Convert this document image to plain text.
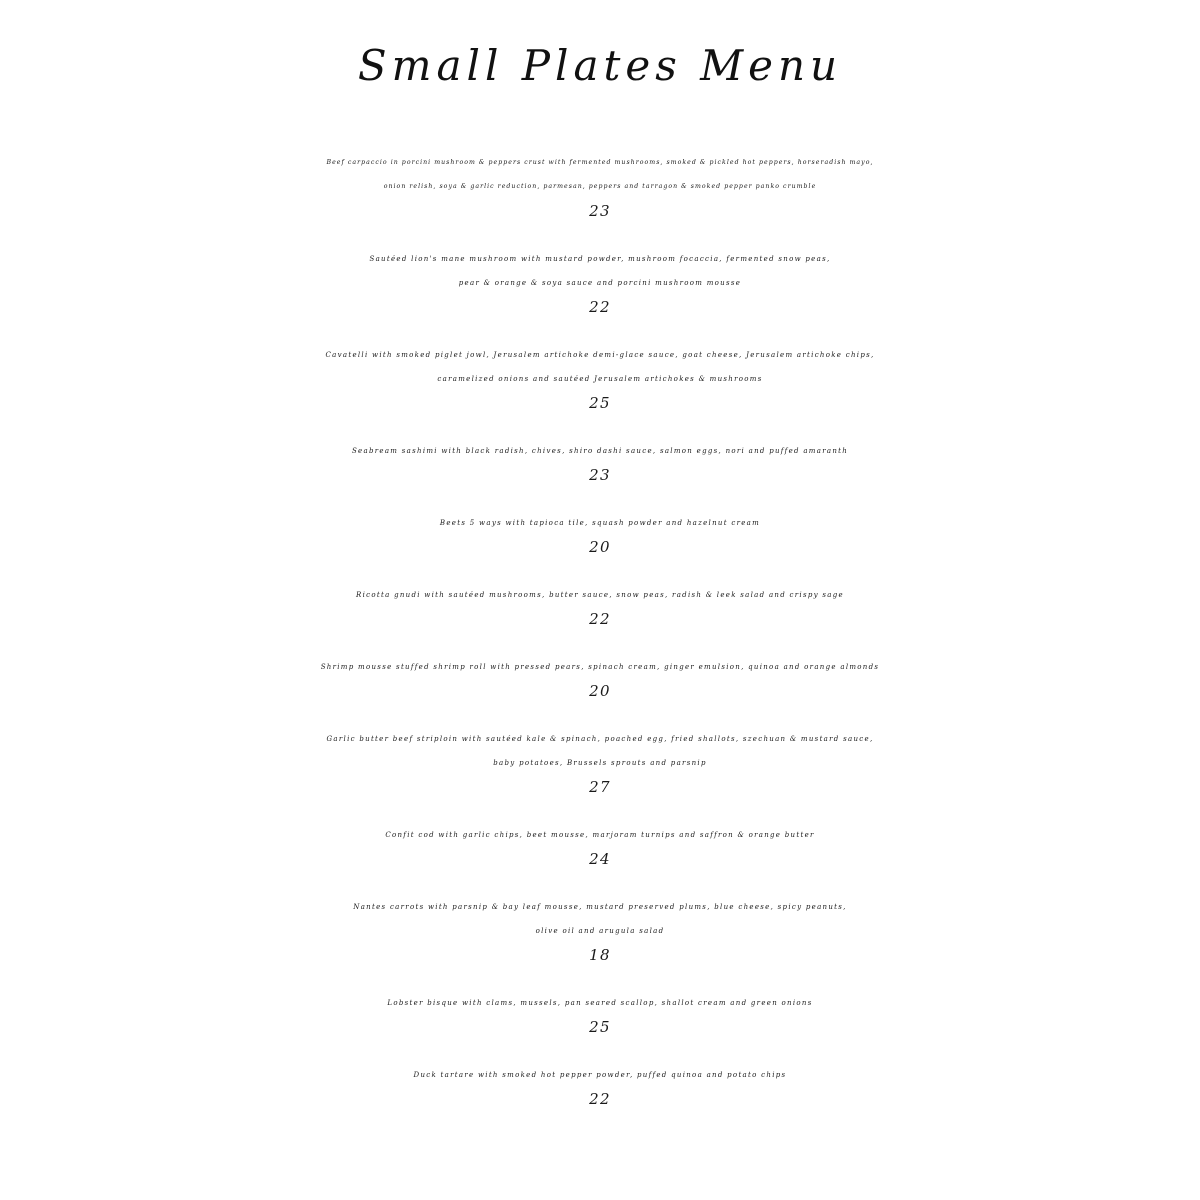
Small Plates Menu
Beef carpaccio in porcini mushroom & peppers crust with fermented mushrooms, smoked & pickled hot peppers, horseradish mayo,
onion relish, soya & garlic reduction, parmesan, peppers and tarragon & smoked pepper panko crumble
23
Sautéed lion's mane mushroom with mustard powder, mushroom focaccia, fermented snow peas,
pear & orange & soya sauce and porcini mushroom mousse
22
Cavatelli with smoked piglet jowl, Jerusalem artichoke demi-glace sauce, goat cheese, Jerusalem artichoke chips,
caramelized onions and sautéed Jerusalem artichokes & mushrooms
25
Seabream sashimi with black radish, chives, shiro dashi sauce, salmon eggs, nori and puffed amaranth
23
Beets 5 ways with tapioca tile, squash powder and hazelnut cream
20
Ricotta gnudi with sautéed mushrooms, butter sauce, snow peas, radish & leek salad and crispy sage
22
Shrimp mousse stuffed shrimp roll with pressed pears, spinach cream, ginger emulsion, quinoa and orange almonds
20
Garlic butter beef striploin with sautéed kale & spinach, poached egg, fried shallots, szechuan & mustard sauce,
baby potatoes, Brussels sprouts and parsnip
27
Confit cod with garlic chips, beet mousse, marjoram turnips and saffron & orange butter
24
Nantes carrots with parsnip & bay leaf mousse, mustard preserved plums, blue cheese, spicy peanuts,
olive oil and arugula salad
18
Lobster bisque with clams, mussels, pan seared scallop, shallot cream and green onions
25
Duck tartare with smoked hot pepper powder, puffed quinoa and potato chips
22
